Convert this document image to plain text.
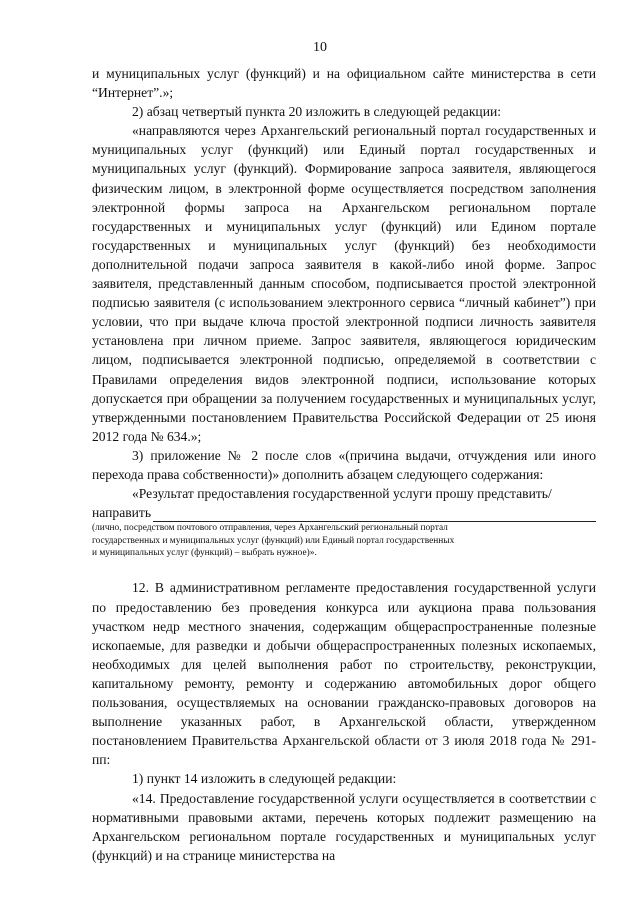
10

и муниципальных услуг (функций) и на официальном сайте министерства в сети “Интернет”.»;

2) абзац четвертый пункта 20 изложить в следующей редакции:

«направляются через Архангельский региональный портал государственных и муниципальных услуг (функций) или Единый портал государственных и муниципальных услуг (функций). Формирование запроса заявителя, являющегося физическим лицом, в электронной форме осуществляется посредством заполнения электронной формы запроса на Архангельском региональном портале государственных и муниципальных услуг (функций) или Едином портале государственных и муниципальных услуг (функций) без необходимости дополнительной подачи запроса заявителя в какой-либо иной форме. Запрос заявителя, представленный данным способом, подписывается простой электронной подписью заявителя (с использованием электронного сервиса “личный кабинет”) при условии, что при выдаче ключа простой электронной подписи личность заявителя установлена при личном приеме. Запрос заявителя, являющегося юридическим лицом, подписывается электронной подписью, определяемой в соответствии с Правилами определения видов электронной подписи, использование которых допускается при обращении за получением государственных и муниципальных услуг, утвержденными постановлением Правительства Российской Федерации от 25 июня 2012 года № 634.»;

3) приложение № 2 после слов «(причина выдачи, отчуждения или иного перехода права собственности)» дополнить абзацем следующего содержания:

«Результат предоставления государственной услуги прошу представить/

направить

(лично, посредством почтового отправления, через Архангельский региональный портал

государственных и муниципальных услуг (функций) или Единый портал государственных

и муниципальных услуг (функций) – выбрать нужное)».

12. В административном регламенте предоставления государственной услуги по предоставлению без проведения конкурса или аукциона права пользования участком недр местного значения, содержащим общераспространенные полезные ископаемые, для разведки и добычи общераспространенных полезных ископаемых, необходимых для целей выполнения работ по строительству, реконструкции, капитальному ремонту, ремонту и содержанию автомобильных дорог общего пользования, осуществляемых на основании гражданско-правовых договоров на выполнение указанных работ, в Архангельской области, утвержденном постановлением Правительства Архангельской области от 3 июля 2018 года № 291-пп:

1) пункт 14 изложить в следующей редакции:

«14. Предоставление государственной услуги осуществляется в соответствии с нормативными правовыми актами, перечень которых подлежит размещению на Архангельском региональном портале государственных и муниципальных услуг (функций) и на странице министерства на
